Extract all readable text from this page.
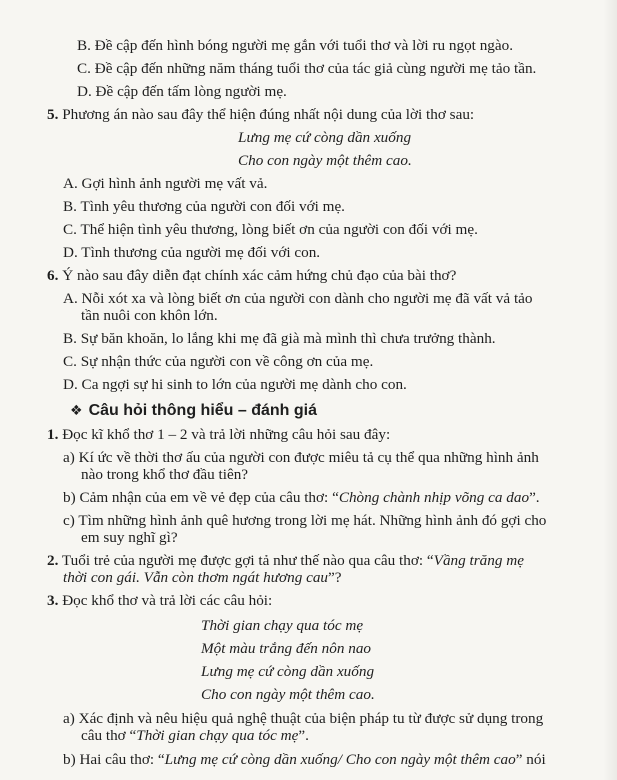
B. Đề cập đến hình bóng người mẹ gắn với tuổi thơ và lời ru ngọt ngào.
C. Đề cập đến những năm tháng tuổi thơ của tác giả cùng người mẹ tảo tần.
D. Đề cập đến tấm lòng người mẹ.
5. Phương án nào sau đây thể hiện đúng nhất nội dung của lời thơ sau:
Lưng mẹ cứ còng dần xuống
Cho con ngày một thêm cao.
A. Gợi hình ảnh người mẹ vất vả.
B. Tình yêu thương của người con đối với mẹ.
C. Thể hiện tình yêu thương, lòng biết ơn của người con đối với mẹ.
D. Tình thương của người mẹ đối với con.
6. Ý nào sau đây diễn đạt chính xác cảm hứng chủ đạo của bài thơ?
A. Nỗi xót xa và lòng biết ơn của người con dành cho người mẹ đã vất vả tảo
tần nuôi con khôn lớn.
B. Sự băn khoăn, lo lắng khi mẹ đã già mà mình thì chưa trưởng thành.
C. Sự nhận thức của người con về công ơn của mẹ.
D. Ca ngợi sự hi sinh to lớn của người mẹ dành cho con.
❖ Câu hỏi thông hiểu – đánh giá
1. Đọc kĩ khổ thơ 1 – 2 và trả lời những câu hỏi sau đây:
a) Kí ức về thời thơ ấu của người con được miêu tả cụ thể qua những hình ảnh
nào trong khổ thơ đầu tiên?
b) Cảm nhận của em về vẻ đẹp của câu thơ: “Chòng chành nhịp võng ca dao”.
c) Tìm những hình ảnh quê hương trong lời mẹ hát. Những hình ảnh đó gợi cho
em suy nghĩ gì?
2. Tuổi trẻ của người mẹ được gợi tả như thế nào qua câu thơ: “Vầng trăng mẹ
thời con gái. Vẫn còn thơm ngát hương cau”?
3. Đọc khổ thơ và trả lời các câu hỏi:
Thời gian chạy qua tóc mẹ
Một màu trắng đến nôn nao
Lưng mẹ cứ còng dần xuống
Cho con ngày một thêm cao.
a) Xác định và nêu hiệu quả nghệ thuật của biện pháp tu từ được sử dụng trong
câu thơ “Thời gian chạy qua tóc mẹ”.
b) Hai câu thơ: “Lưng mẹ cứ còng dần xuống/ Cho con ngày một thêm cao” nói
